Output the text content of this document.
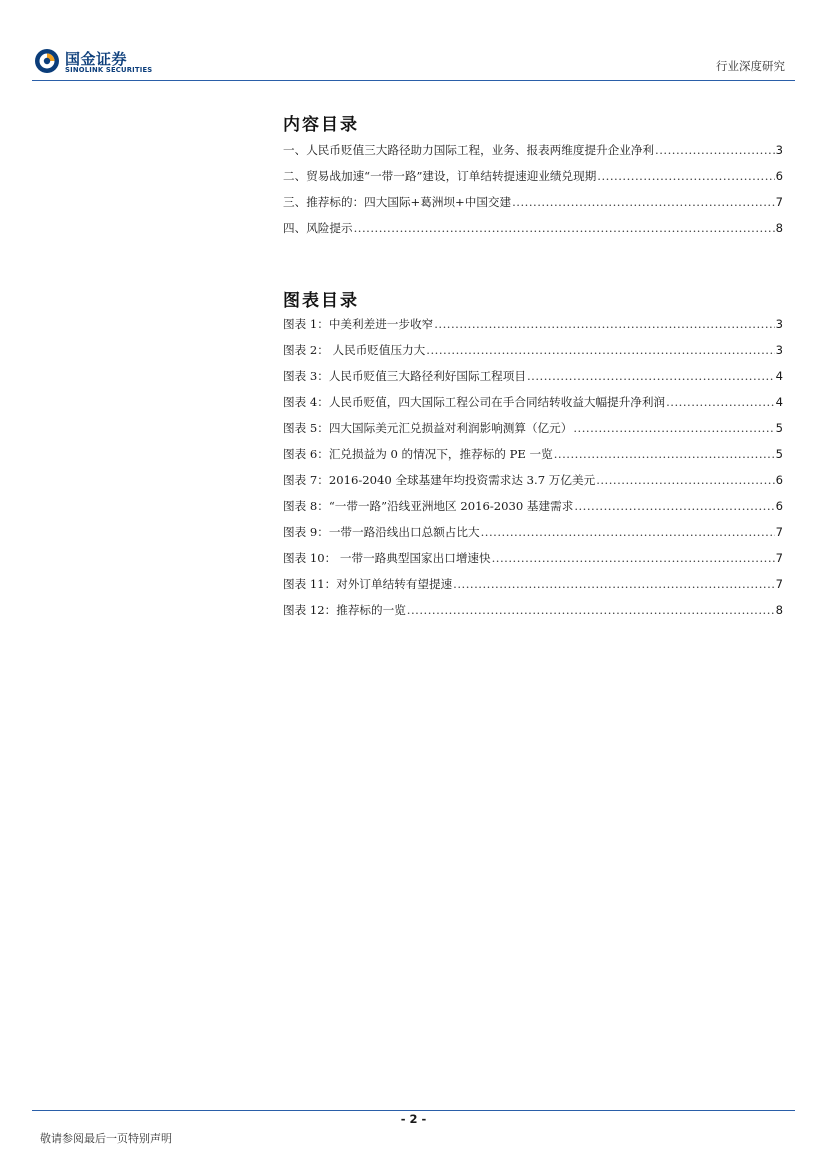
国金证券
SINOLINK SECURITIES	行业深度研究
内容目录
一、人民币贬值三大路径助力国际工程，业务、报表两维度提升企业净利 .....	3
二、贸易战加速“一带一路”建设，订单结转提速迎业绩兑现期 .....	6
三、推荐标的：四大国际+葛洲坝+中国交建 .....	7
四、风险提示 .....	8
图表目录
图表 1：中美利差进一步收窄 .....	3
图表 2： 人民币贬值压力大 .....	3
图表 3：人民币贬值三大路径利好国际工程项目 .....	4
图表 4：人民币贬值，四大国际工程公司在手合同结转收益大幅提升净利润 .....	4
图表 5：四大国际美元汇兑损益对利润影响测算（亿元） .....	5
图表 6：汇兑损益为 0 的情况下，推荐标的 PE 一览 .....	5
图表 7：2016-2040 全球基建年均投资需求达 3.7 万亿美元 .....	6
图表 8：“一带一路”沿线亚洲地区 2016-2030 基建需求 .....	6
图表 9：一带一路沿线出口总额占比大 .....	7
图表 10： 一带一路典型国家出口增速快 .....	7
图表 11：对外订单结转有望提速 .....	7
图表 12：推荐标的一览 .....	8
- 2 -
敬请参阅最后一页特别声明
